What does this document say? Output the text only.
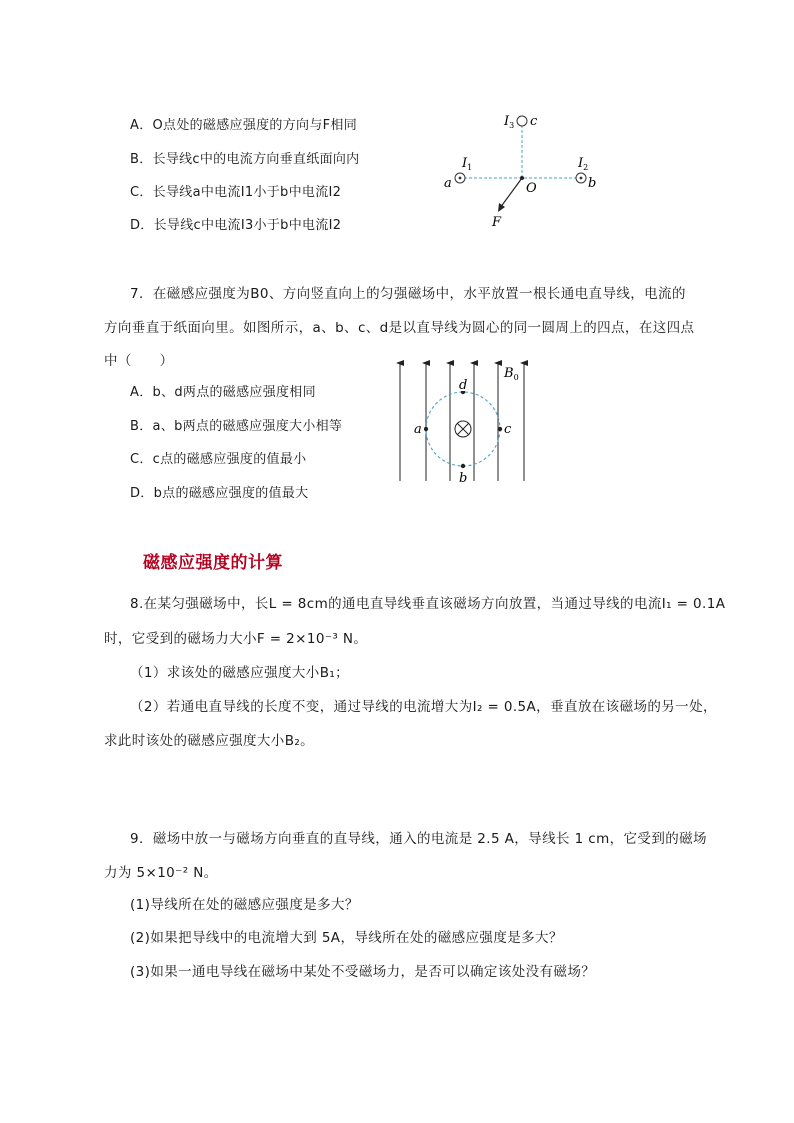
A．O点处的磁感应强度的方向与F相同
B．长导线c中的电流方向垂直纸面向内
C．长导线a中电流I1小于b中电流I2
D．长导线c中电流I3小于b中电流I2
$I_3$ c
$I_1$
a
$I_2$
b
O
F
7．在磁感应强度为B0、方向竖直向上的匀强磁场中，水平放置一根长通电直导线，电流的
方向垂直于纸面向里。如图所示，a、b、c、d是以直导线为圆心的同一圆周上的四点，在这四点
中（　　）
A．b、d两点的磁感应强度相同
B．a、b两点的磁感应强度大小相等
C．c点的磁感应强度的值最小
D．b点的磁感应强度的值最大
$B_0$
a	c
d
b
磁感应强度的计算
8.在某匀强磁场中，长L = 8cm的通电直导线垂直该磁场方向放置，当通过导线的电流I₁ = 0.1A
时，它受到的磁场力大小F = 2×10⁻³ N。
（1）求该处的磁感应强度大小B₁；
（2）若通电直导线的长度不变，通过导线的电流增大为I₂ = 0.5A，垂直放在该磁场的另一处，
求此时该处的磁感应强度大小B₂。
9．磁场中放一与磁场方向垂直的直导线，通入的电流是 2.5 A，导线长 1 cm，它受到的磁场
力为 5×10⁻² N。
(1)导线所在处的磁感应强度是多大？
(2)如果把导线中的电流增大到 5A，导线所在处的磁感应强度是多大？
(3)如果一通电导线在磁场中某处不受磁场力，是否可以确定该处没有磁场？
